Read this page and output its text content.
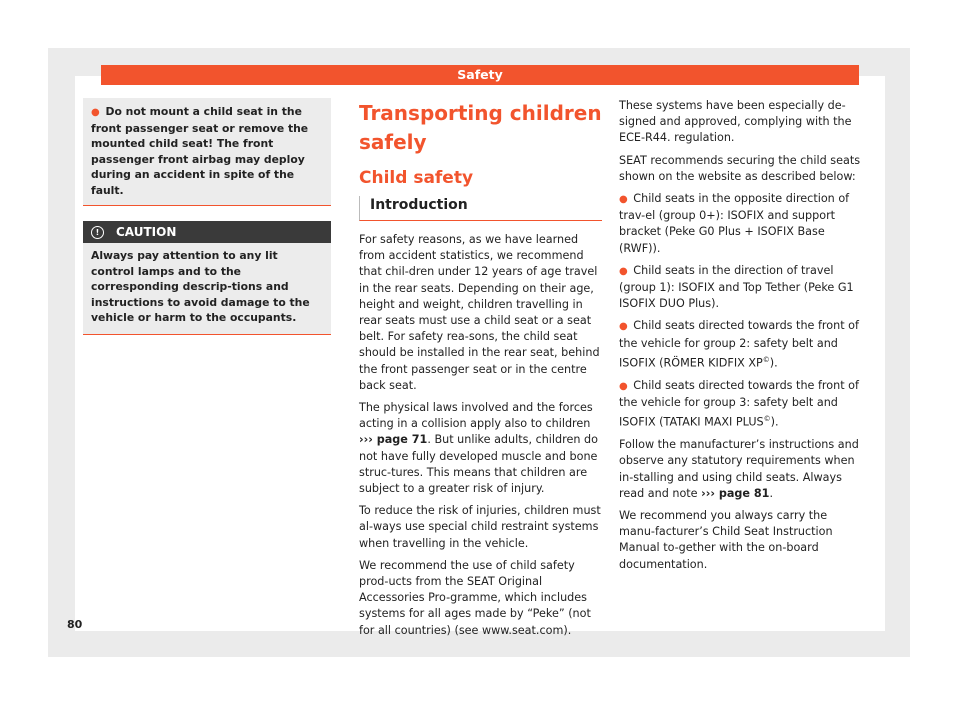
Safety

● Do not mount a child seat in the front passenger seat or remove the mounted child seat! The front passenger front airbag may deploy during an accident in spite of the fault.

!	CAUTION
Always pay attention to any lit control lamps and to the corresponding descrip-tions and instructions to avoid damage to the vehicle or harm to the occupants.
Transporting children
safely
Child safety
Introduction

For safety reasons, as we have learned from accident statistics, we recommend that chil-dren under 12 years of age travel in the rear seats. Depending on their age, height and weight, children travelling in rear seats must use a child seat or a seat belt. For safety rea-sons, the child seat should be installed in the rear seat, behind the front passenger seat or in the centre back seat.

The physical laws involved and the forces acting in a collision apply also to children
››› page 71. But unlike adults, children do not have fully developed muscle and bone struc-tures. This means that children are subject to a greater risk of injury.

To reduce the risk of injuries, children must al-ways use special child restraint systems when travelling in the vehicle.

We recommend the use of child safety prod-ucts from the SEAT Original Accessories Pro-gramme, which includes systems for all ages made by “Peke” (not for all countries) (see www.seat.com).

These systems have been especially de-signed and approved, complying with the ECE-R44. regulation.

SEAT recommends securing the child seats shown on the website as described below:

● Child seats in the opposite direction of trav-el (group 0+): ISOFIX and support bracket (Peke G0 Plus + ISOFIX Base (RWF)).
● Child seats in the direction of travel (group 1): ISOFIX and Top Tether (Peke G1 ISOFIX DUO Plus).
● Child seats directed towards the front of the vehicle for group 2: safety belt and ISOFIX (RÖMER KIDFIX XP©).
● Child seats directed towards the front of the vehicle for group 3: safety belt and ISOFIX (TATAKI MAXI PLUS©).

Follow the manufacturer’s instructions and observe any statutory requirements when in-stalling and using child seats. Always read and note ››› page 81.

We recommend you always carry the manu-facturer’s Child Seat Instruction Manual to-gether with the on-board documentation.

80
